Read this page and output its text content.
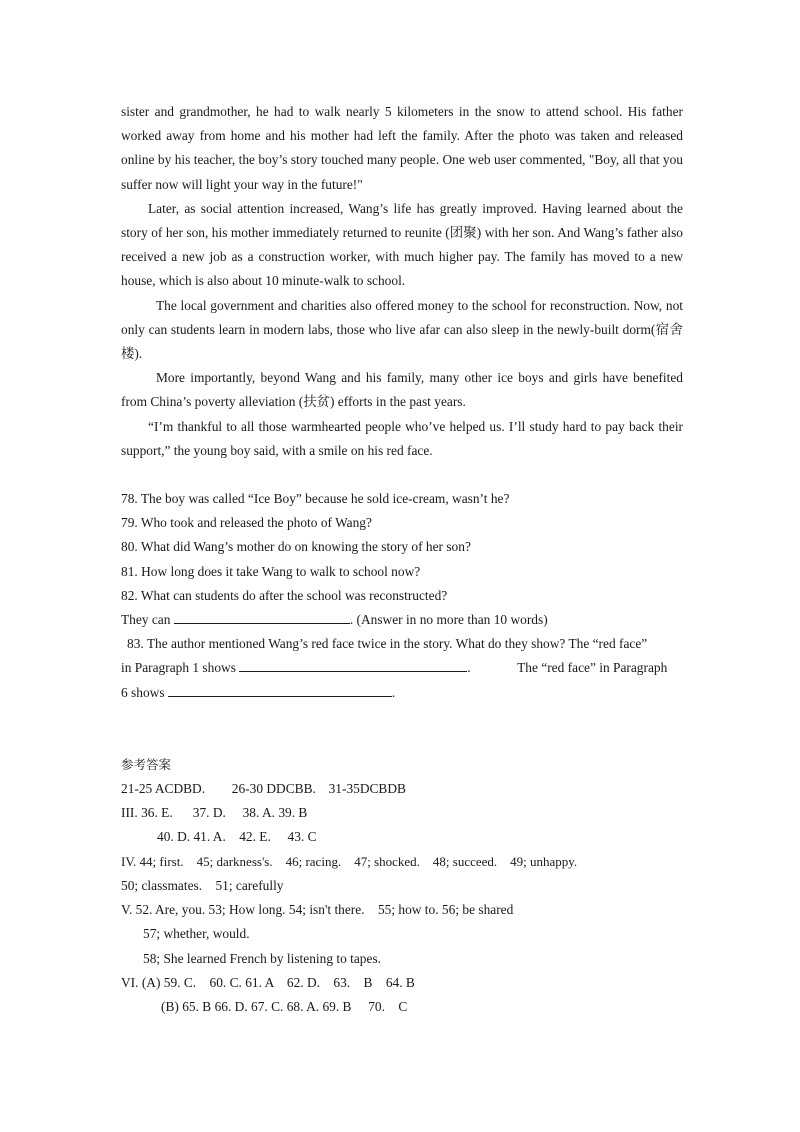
sister and grandmother, he had to walk nearly 5 kilometers in the snow to attend school. His father worked away from home and his mother had left the family. After the photo was taken and released online by his teacher, the boy’s story touched many people. One web user commented, "Boy, all that you suffer now will light your way in the future!"

Later, as social attention increased, Wang’s life has greatly improved. Having learned about the story of her son, his mother immediately returned to reunite (团聚) with her son. And Wang’s father also received a new job as a construction worker, with much higher pay. The family has moved to a new house, which is also about 10 minute-walk to school.

The local government and charities also offered money to the school for reconstruction. Now, not only can students learn in modern labs, those who live afar can also sleep in the newly-built dorm(宿舍楼).

More importantly, beyond Wang and his family, many other ice boys and girls have benefited from China’s poverty alleviation (扶贫) efforts in the past years.

“I’m thankful to all those warmhearted people who’ve helped us. I’ll study hard to pay back their support,” the young boy said, with a smile on his red face.

78. The boy was called “Ice Boy” because he sold ice-cream, wasn’t he?

79. Who took and released the photo of Wang?

80. What did Wang’s mother do on knowing the story of her son?

81. How long does it take Wang to walk to school now?

82. What can students do after the school was reconstructed?

They can	. (Answer in no more than 10 words)

83. The author mentioned Wang’s red face twice in the story. What do they show? The “red face”

in Paragraph 1 shows	.	The “red face” in Paragraph

6 shows	.

参考答案

21-25 ACDBD. 26-30 DDCBB. 31-35DCBDB

III. 36. E.      37. D.     38. A. 39. B

40. D. 41. A.    42. E.     43. C

IV. 44; first.    45; darkness's.    46; racing.    47; shocked.    48; succeed.    49; unhappy.

50; classmates.    51; carefully

V. 52. Are, you. 53; How long. 54; isn't there.    55; how to. 56; be shared

57; whether, would.

58; She learned French by listening to tapes.

VI. (A) 59. C.    60. C. 61. A    62. D.    63.    B    64. B

(B) 65. B 66. D. 67. C. 68. A. 69. B     70.    C
